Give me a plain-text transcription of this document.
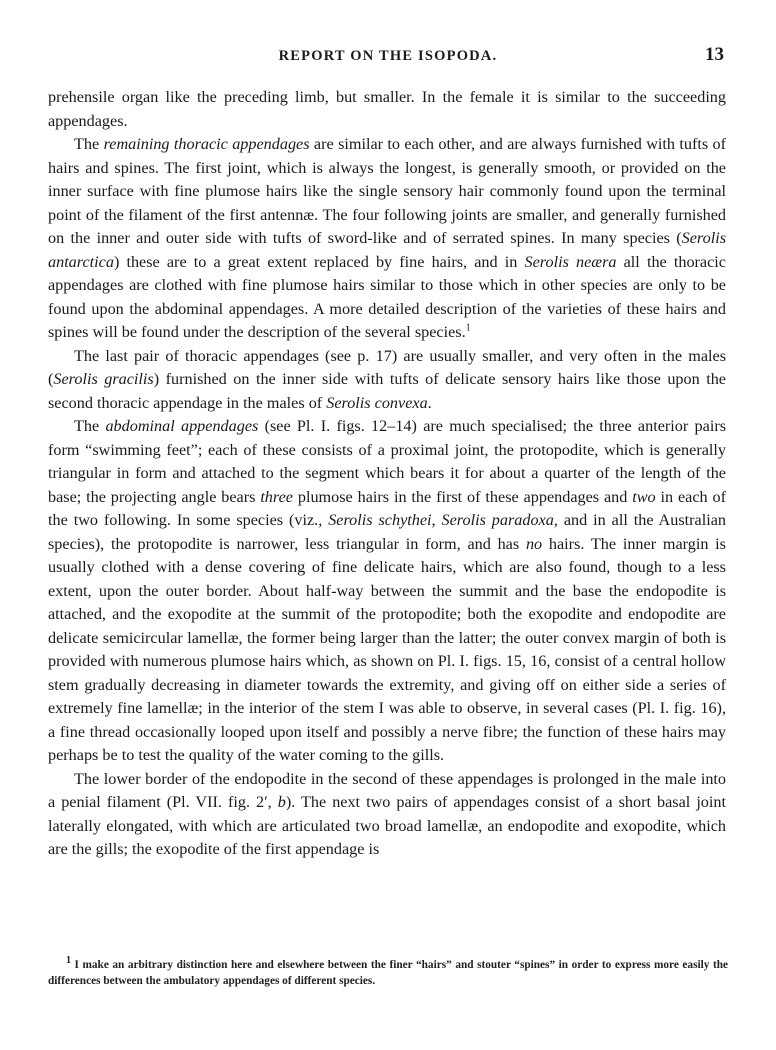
REPORT ON THE ISOPODA.	13

prehensile organ like the preceding limb, but smaller. In the female it is similar to the succeeding appendages.

The remaining thoracic appendages are similar to each other, and are always furnished with tufts of hairs and spines. The first joint, which is always the longest, is generally smooth, or provided on the inner surface with fine plumose hairs like the single sensory hair commonly found upon the terminal point of the filament of the first antennæ. The four following joints are smaller, and generally furnished on the inner and outer side with tufts of sword-like and of serrated spines. In many species (Serolis antarctica) these are to a great extent replaced by fine hairs, and in Serolis neæra all the thoracic appendages are clothed with fine plumose hairs similar to those which in other species are only to be found upon the abdominal appendages. A more detailed description of the varieties of these hairs and spines will be found under the description of the several species.$^1$

The last pair of thoracic appendages (see p. 17) are usually smaller, and very often in the males (Serolis gracilis) furnished on the inner side with tufts of delicate sensory hairs like those upon the second thoracic appendage in the males of Serolis convexa.

The abdominal appendages (see Pl. I. figs. 12–14) are much specialised; the three anterior pairs form “swimming feet”; each of these consists of a proximal joint, the protopodite, which is generally triangular in form and attached to the segment which bears it for about a quarter of the length of the base; the projecting angle bears three plumose hairs in the first of these appendages and two in each of the two following. In some species (viz., Serolis schythei, Serolis paradoxa, and in all the Australian species), the protopodite is narrower, less triangular in form, and has no hairs. The inner margin is usually clothed with a dense covering of fine delicate hairs, which are also found, though to a less extent, upon the outer border. About half-way between the summit and the base the endopodite is attached, and the exopodite at the summit of the protopodite; both the exopodite and endopodite are delicate semicircular lamellæ, the former being larger than the latter; the outer convex margin of both is provided with numerous plumose hairs which, as shown on Pl. I. figs. 15, 16, consist of a central hollow stem gradually decreasing in diameter towards the extremity, and giving off on either side a series of extremely fine lamellæ; in the interior of the stem I was able to observe, in several cases (Pl. I. fig. 16), a fine thread occasionally looped upon itself and possibly a nerve fibre; the function of these hairs may perhaps be to test the quality of the water coming to the gills.

The lower border of the endopodite in the second of these appendages is prolonged in the male into a penial filament (Pl. VII. fig. 2′, b). The next two pairs of appendages consist of a short basal joint laterally elongated, with which are articulated two broad lamellæ, an endopodite and exopodite, which are the gills; the exopodite of the first appendage is

$^1$ I make an arbitrary distinction here and elsewhere between the finer “hairs” and stouter “spines” in order to express more easily the differences between the ambulatory appendages of different species.
